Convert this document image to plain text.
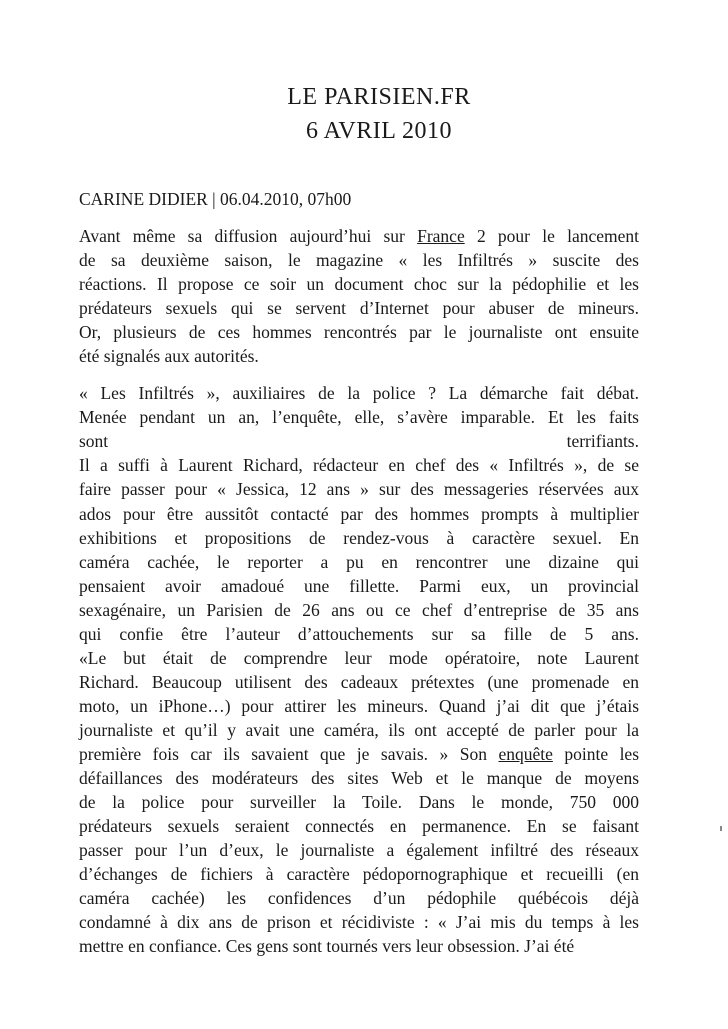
LE PARISIEN.FR
6 AVRIL 2010
CARINE DIDIER | 06.04.2010, 07h00
Avant même sa diffusion aujourd’hui sur France 2 pour le lancement
de sa deuxième saison, le magazine « les Infiltrés » suscite des
réactions. Il propose ce soir un document choc sur la pédophilie et les
prédateurs sexuels qui se servent d’Internet pour abuser de mineurs.
Or, plusieurs de ces hommes rencontrés par le journaliste ont ensuite
été signalés aux autorités.
« Les Infiltrés », auxiliaires de la police ? La démarche fait débat.
Menée pendant un an, l’enquête, elle, s’avère imparable. Et les faits
sont terrifiants.
Il a suffi à Laurent Richard, rédacteur en chef des « Infiltrés », de se
faire passer pour « Jessica, 12 ans » sur des messageries réservées aux
ados pour être aussitôt contacté par des hommes prompts à multiplier
exhibitions et propositions de rendez-vous à caractère sexuel. En
caméra cachée, le reporter a pu en rencontrer une dizaine qui
pensaient avoir amadoué une fillette. Parmi eux, un provincial
sexagénaire, un Parisien de 26 ans ou ce chef d’entreprise de 35 ans
qui confie être l’auteur d’attouchements sur sa fille de 5 ans.
«Le but était de comprendre leur mode opératoire, note Laurent
Richard. Beaucoup utilisent des cadeaux prétextes (une promenade en
moto, un iPhone…) pour attirer les mineurs. Quand j’ai dit que j’étais
journaliste et qu’il y avait une caméra, ils ont accepté de parler pour la
première fois car ils savaient que je savais. » Son enquête pointe les
défaillances des modérateurs des sites Web et le manque de moyens
de la police pour surveiller la Toile. Dans le monde, 750 000
prédateurs sexuels seraient connectés en permanence. En se faisant
passer pour l’un d’eux, le journaliste a également infiltré des réseaux
d’échanges de fichiers à caractère pédopornographique et recueilli (en
caméra cachée) les confidences d’un pédophile québécois déjà
condamné à dix ans de prison et récidiviste : « J’ai mis du temps à les
mettre en confiance. Ces gens sont tournés vers leur obsession. J’ai été
